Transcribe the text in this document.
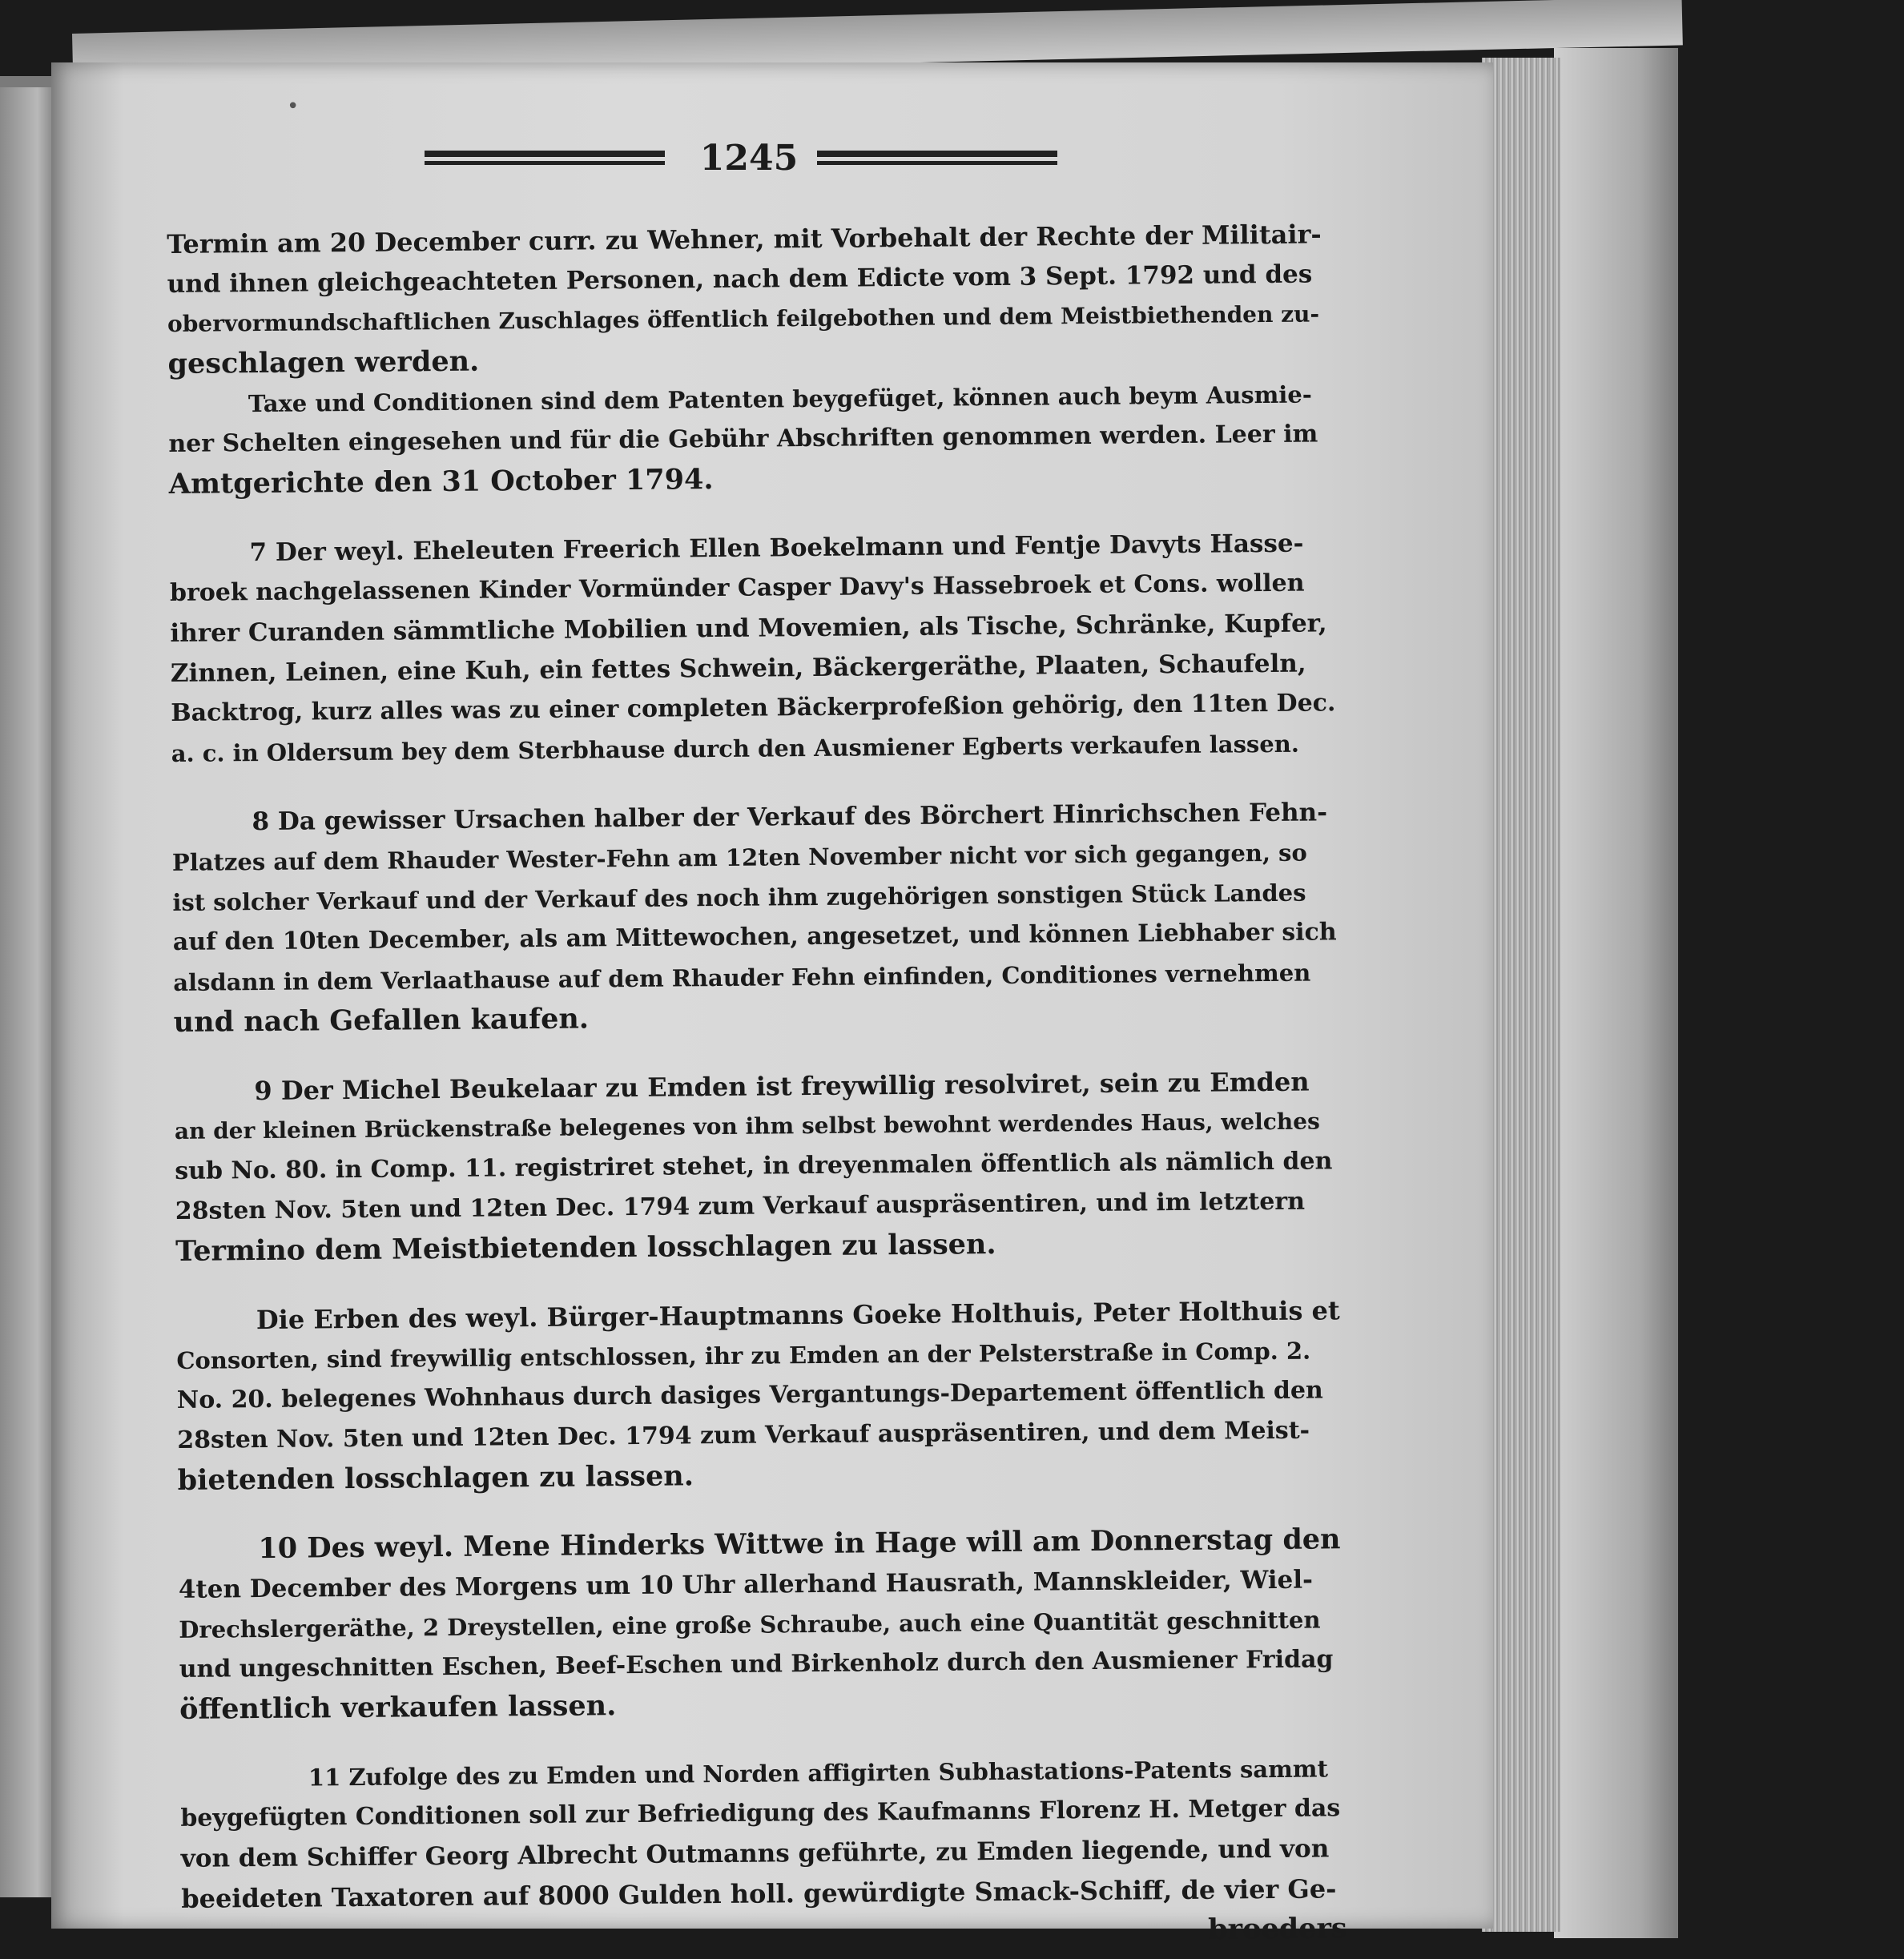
•
1245
Termin am 20 December curr. zu Wehner, mit Vorbehalt der Rechte der Militair-
und ihnen gleichgeachteten Personen, nach dem Edicte vom 3 Sept. 1792 und des
obervormundschaftlichen Zuschlages öffentlich feilgebothen und dem Meistbiethenden zu-
geschlagen werden.
Taxe und Conditionen sind dem Patenten beygefüget, können auch beym Ausmie-
ner Schelten eingesehen und für die Gebühr Abschriften genommen werden. Leer im
Amtgerichte den 31 October 1794.
7 Der weyl. Eheleuten Freerich Ellen Boekelmann und Fentje Davyts Hasse-
broek nachgelassenen Kinder Vormünder Casper Davy's Hassebroek et Cons. wollen
ihrer Curanden sämmtliche Mobilien und Movemien, als Tische, Schränke, Kupfer,
Zinnen, Leinen, eine Kuh, ein fettes Schwein, Bäckergeräthe, Plaaten, Schaufeln,
Backtrog, kurz alles was zu einer completen Bäckerprofeßion gehörig, den 11ten Dec.
a. c. in Oldersum bey dem Sterbhause durch den Ausmiener Egberts verkaufen lassen.
8 Da gewisser Ursachen halber der Verkauf des Börchert Hinrichschen Fehn-
Platzes auf dem Rhauder Wester-Fehn am 12ten November nicht vor sich gegangen, so
ist solcher Verkauf und der Verkauf des noch ihm zugehörigen sonstigen Stück Landes
auf den 10ten December, als am Mittewochen, angesetzet, und können Liebhaber sich
alsdann in dem Verlaathause auf dem Rhauder Fehn einfinden, Conditiones vernehmen
und nach Gefallen kaufen.
9 Der Michel Beukelaar zu Emden ist freywillig resolviret, sein zu Emden
an der kleinen Brückenstraße belegenes von ihm selbst bewohnt werdendes Haus, welches
sub No. 80. in Comp. 11. registriret stehet, in dreyenmalen öffentlich als nämlich den
28sten Nov. 5ten und 12ten Dec. 1794 zum Verkauf auspräsentiren, und im letztern
Termino dem Meistbietenden losschlagen zu lassen.
Die Erben des weyl. Bürger-Hauptmanns Goeke Holthuis, Peter Holthuis et
Consorten, sind freywillig entschlossen, ihr zu Emden an der Pelsterstraße in Comp. 2.
No. 20. belegenes Wohnhaus durch dasiges Vergantungs-Departement öffentlich den
28sten Nov. 5ten und 12ten Dec. 1794 zum Verkauf auspräsentiren, und dem Meist-
bietenden losschlagen zu lassen.
10 Des weyl. Mene Hinderks Wittwe in Hage will am Donnerstag den
4ten December des Morgens um 10 Uhr allerhand Hausrath, Mannskleider, Wiel-
Drechslergeräthe, 2 Dreystellen, eine große Schraube, auch eine Quantität geschnitten
und ungeschnitten Eschen, Beef-Eschen und Birkenholz durch den Ausmiener Fridag
öffentlich verkaufen lassen.
11 Zufolge des zu Emden und Norden affigirten Subhastations-Patents sammt
beygefügten Conditionen soll zur Befriedigung des Kaufmanns Florenz H. Metger das
von dem Schiffer Georg Albrecht Outmanns geführte, zu Emden liegende, und von
beeideten Taxatoren auf 8000 Gulden holl. gewürdigte Smack-Schiff, de vier Ge-
broeders
